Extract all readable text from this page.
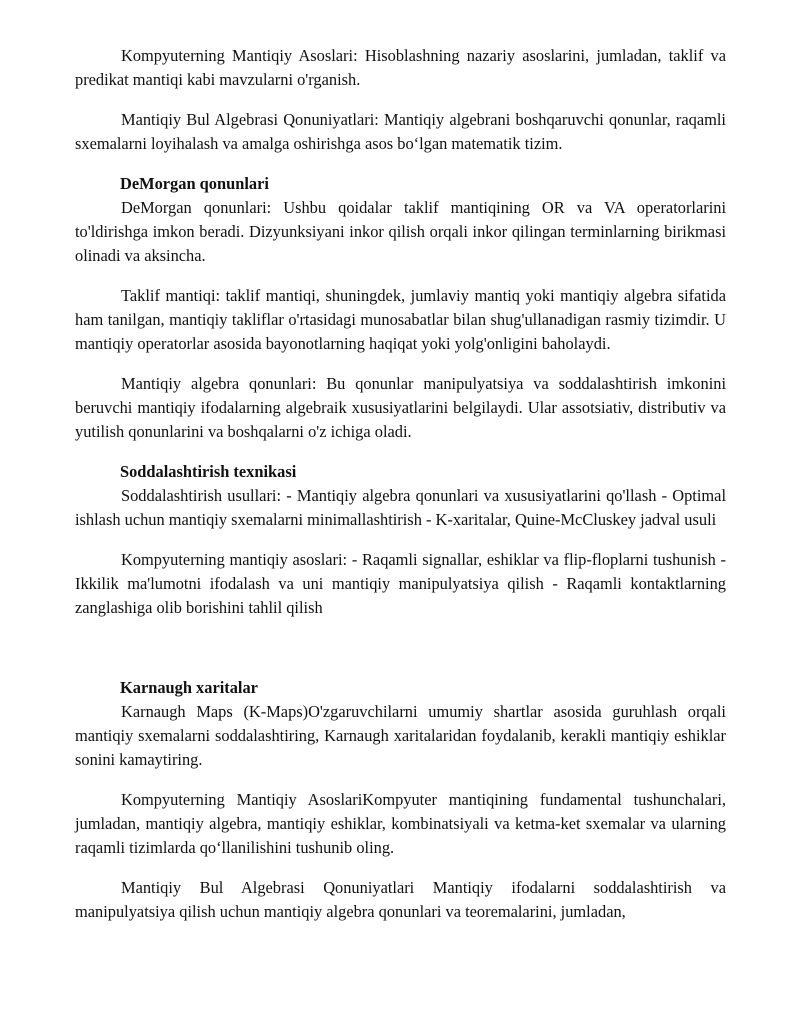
Kompyuterning Mantiqiy Asoslari: Hisoblashning nazariy asoslarini, jumladan, taklif va predikat mantiqi kabi mavzularni o'rganish.

Mantiqiy Bul Algebrasi Qonuniyatlari: Mantiqiy algebrani boshqaruvchi qonunlar, raqamli sxemalarni loyihalash va amalga oshirishga asos bo‘lgan matematik tizim.

DeMorgan qonunlari

DeMorgan qonunlari: Ushbu qoidalar taklif mantiqining OR va VA operatorlarini to'ldirishga imkon beradi. Dizyunksiyani inkor qilish orqali inkor qilingan terminlarning birikmasi olinadi va aksincha.

Taklif mantiqi: taklif mantiqi, shuningdek, jumlaviy mantiq yoki mantiqiy algebra sifatida ham tanilgan, mantiqiy takliflar o'rtasidagi munosabatlar bilan shug'ullanadigan rasmiy tizimdir. U mantiqiy operatorlar asosida bayonotlarning haqiqat yoki yolg'onligini baholaydi.

Mantiqiy algebra qonunlari: Bu qonunlar manipulyatsiya va soddalashtirish imkonini beruvchi mantiqiy ifodalarning algebraik xususiyatlarini belgilaydi. Ular assotsiativ, distributiv va yutilish qonunlarini va boshqalarni o'z ichiga oladi.

Soddalashtirish texnikasi

Soddalashtirish usullari: - Mantiqiy algebra qonunlari va xususiyatlarini qo'llash - Optimal ishlash uchun mantiqiy sxemalarni minimallashtirish - K-xaritalar, Quine-McCluskey jadval usuli

Kompyuterning mantiqiy asoslari: - Raqamli signallar, eshiklar va flip-floplarni tushunish - Ikkilik ma'lumotni ifodalash va uni mantiqiy manipulyatsiya qilish - Raqamli kontaktlarning zanglashiga olib borishini tahlil qilish

Karnaugh xaritalar

Karnaugh Maps (K-Maps)O'zgaruvchilarni umumiy shartlar asosida guruhlash orqali mantiqiy sxemalarni soddalashtiring, Karnaugh xaritalaridan foydalanib, kerakli mantiqiy eshiklar sonini kamaytiring.

Kompyuterning Mantiqiy AsoslariKompyuter mantiqining fundamental tushunchalari, jumladan, mantiqiy algebra, mantiqiy eshiklar, kombinatsiyali va ketma-ket sxemalar va ularning raqamli tizimlarda qo‘llanilishini tushunib oling.

Mantiqiy Bul Algebrasi Qonuniyatlari Mantiqiy ifodalarni soddalashtirish va manipulyatsiya qilish uchun mantiqiy algebra qonunlari va teoremalarini, jumladan,
